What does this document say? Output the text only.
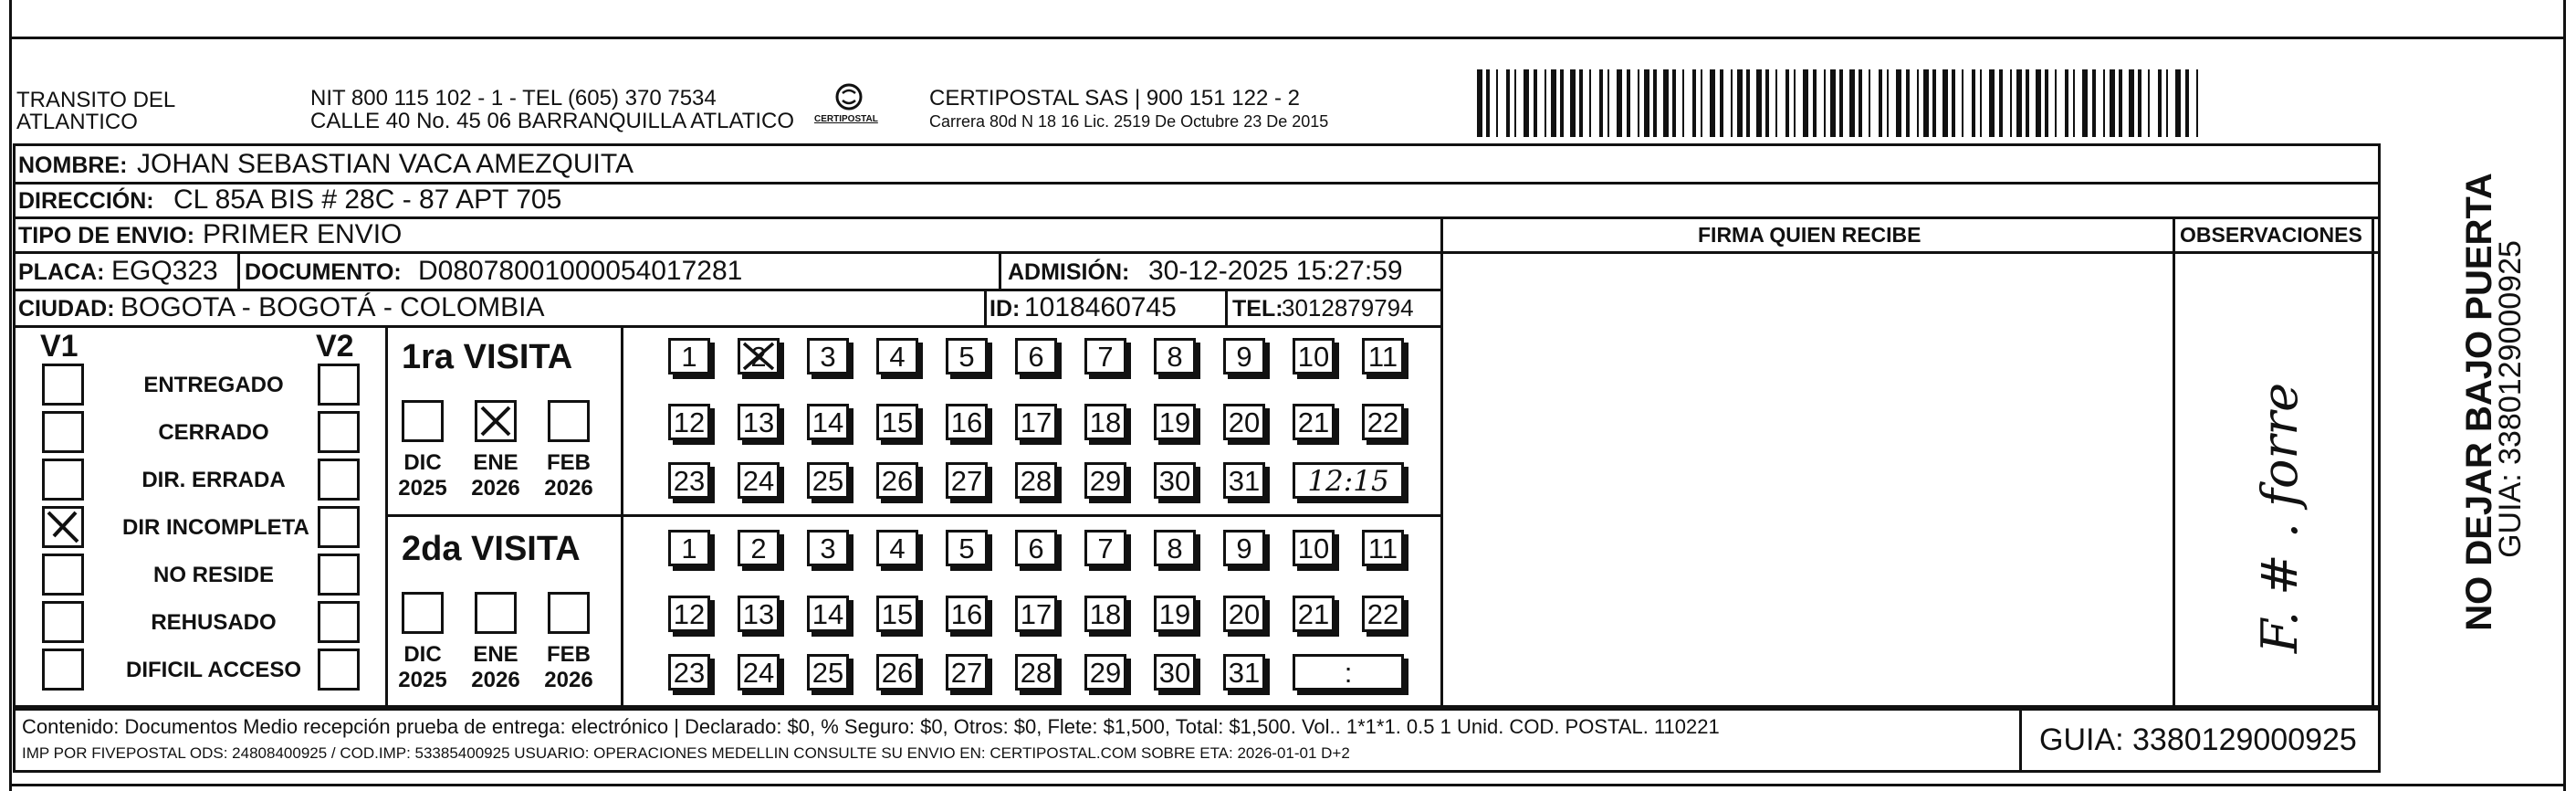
TRANSITO DEL
ATLANTICO
NIT 800 115 102 - 1 - TEL (605) 370 7534
CALLE 40 No. 45 06 BARRANQUILLA ATLATICO CERTIPOSTAL
CERTIPOSTAL SAS | 900 151 122 - 2
Carrera 80d N 18 16 Lic. 2519 De Octubre 23 De 2015
NOMBRE: JOHAN SEBASTIAN VACA AMEZQUITA
DIRECCIÓN: CL 85A BIS # 28C - 87 APT 705
TIPO DE ENVIO: PRIMER ENVIO	FIRMA QUIEN RECIBE	OBSERVACIONES
PLACA: EGQ323 DOCUMENTO: D08078001000054017281	ADMISIÓN: 30-12-2025 15:27:59
CIUDAD: BOGOTA - BOGOTÁ - COLOMBIA	ID: 1018460745 TEL:
3012879794
V1	V2
ENTREGADO
CERRADO
DIR. ERRADA
DIR INCOMPLETA
NO RESIDE
REHUSADO
DIFICIL ACCESO
1ra VISITA
DIC
2025
ENE
2026
FEB
2026
1	2	3	4	5	6	7	8	9	10 11
12 13 14 15 16 17 18 19 20 21 22
23 24 25 26 27 28 29 30 31	12:15
2da VISITA
DIC
2025
ENE
2026
FEB
2026
1	2	3	4	5	6	7	8	9	10 11
12 13 14 15 16 17 18 19 20 21 22
23 24 25 26 27 28 29 30 31	:
F. # . forre	NO DEJAR BAJO PUERTA
GUIA: 3380129000925
Contenido: Documentos Medio recepción prueba de entrega: electrónico | Declarado: $0, % Seguro: $0, Otros: $0, Flete: $1,500, Total: $1,500. Vol.. 1*1*1. 0.5 1 Unid. COD. POSTAL. 110221
IMP POR FIVEPOSTAL ODS: 24808400925 / COD.IMP: 53385400925 USUARIO: OPERACIONES MEDELLIN CONSULTE SU ENVIO EN: CERTIPOSTAL.COM SOBRE ETA: 2026-01-01 D+2	GUIA: 3380129000925
